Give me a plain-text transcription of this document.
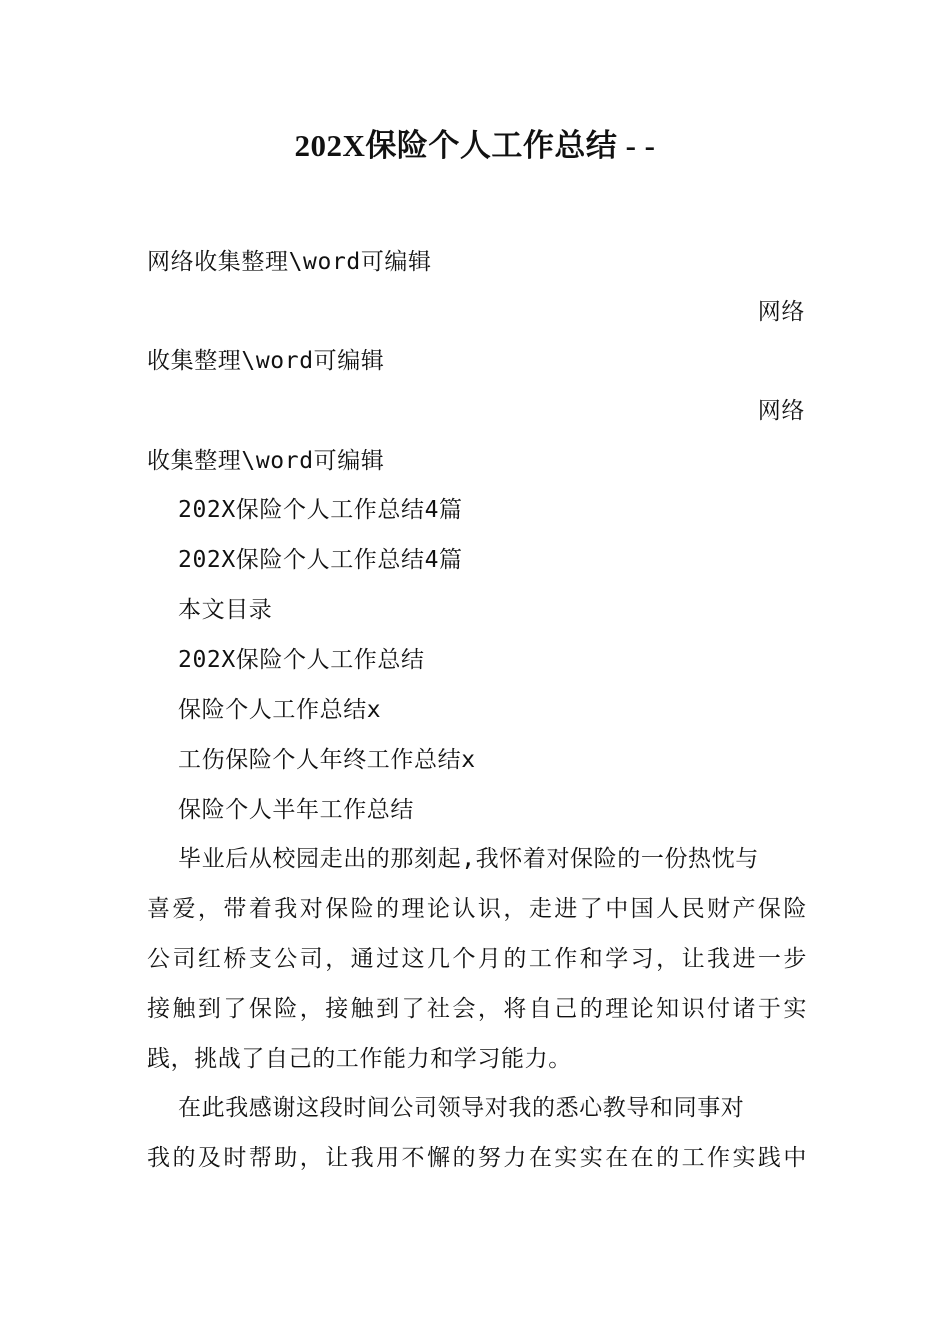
202X保险个人工作总结 - -
网络收集整理\word可编辑
网络
收集整理\word可编辑
网络
收集整理\word可编辑
202X保险个人工作总结4篇
202X保险个人工作总结4篇
本文目录
202X保险个人工作总结
保险个人工作总结x
工伤保险个人年终工作总结x
保险个人半年工作总结
毕业后从校园走出的那刻起,我怀着对保险的一份热忱与
喜爱，带着我对保险的理论认识，走进了中国人民财产保险
公司红桥支公司，通过这几个月的工作和学习，让我进一步
接触到了保险，接触到了社会，将自己的理论知识付诸于实
践，挑战了自己的工作能力和学习能力。
在此我感谢这段时间公司领导对我的悉心教导和同事对
我的及时帮助，让我用不懈的努力在实实在在的工作实践中
